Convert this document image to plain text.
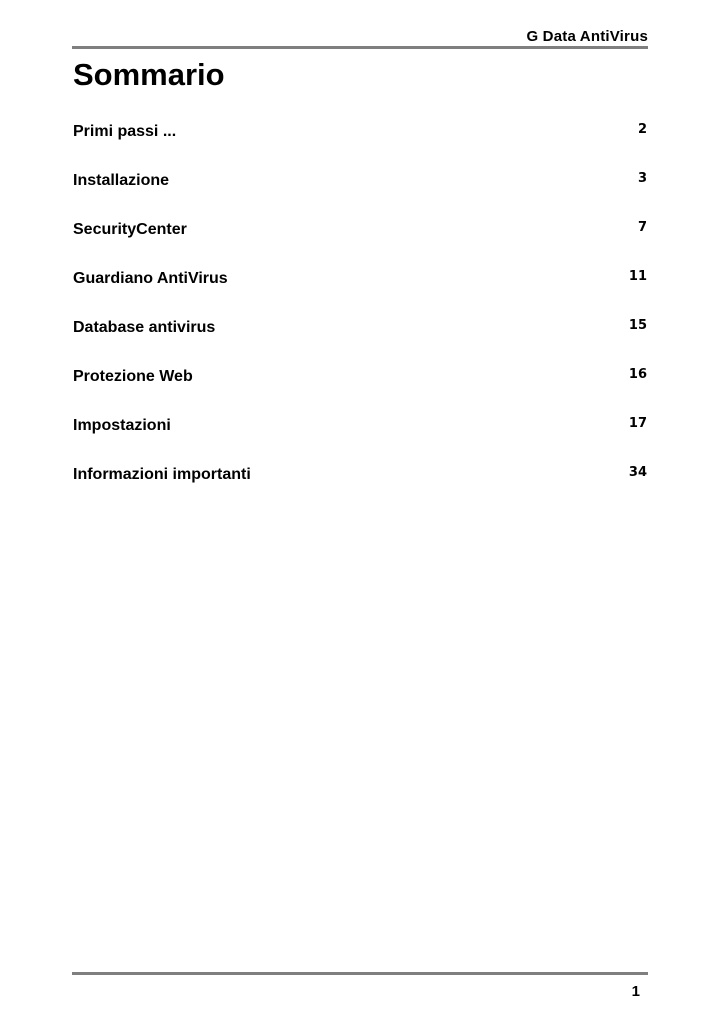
G Data AntiVirus
Sommario
Primi passi ...	2
Installazione	3
SecurityCenter	7
Guardiano AntiVirus	11
Database antivirus	15
Protezione Web	16
Impostazioni	17
Informazioni importanti	34
1
